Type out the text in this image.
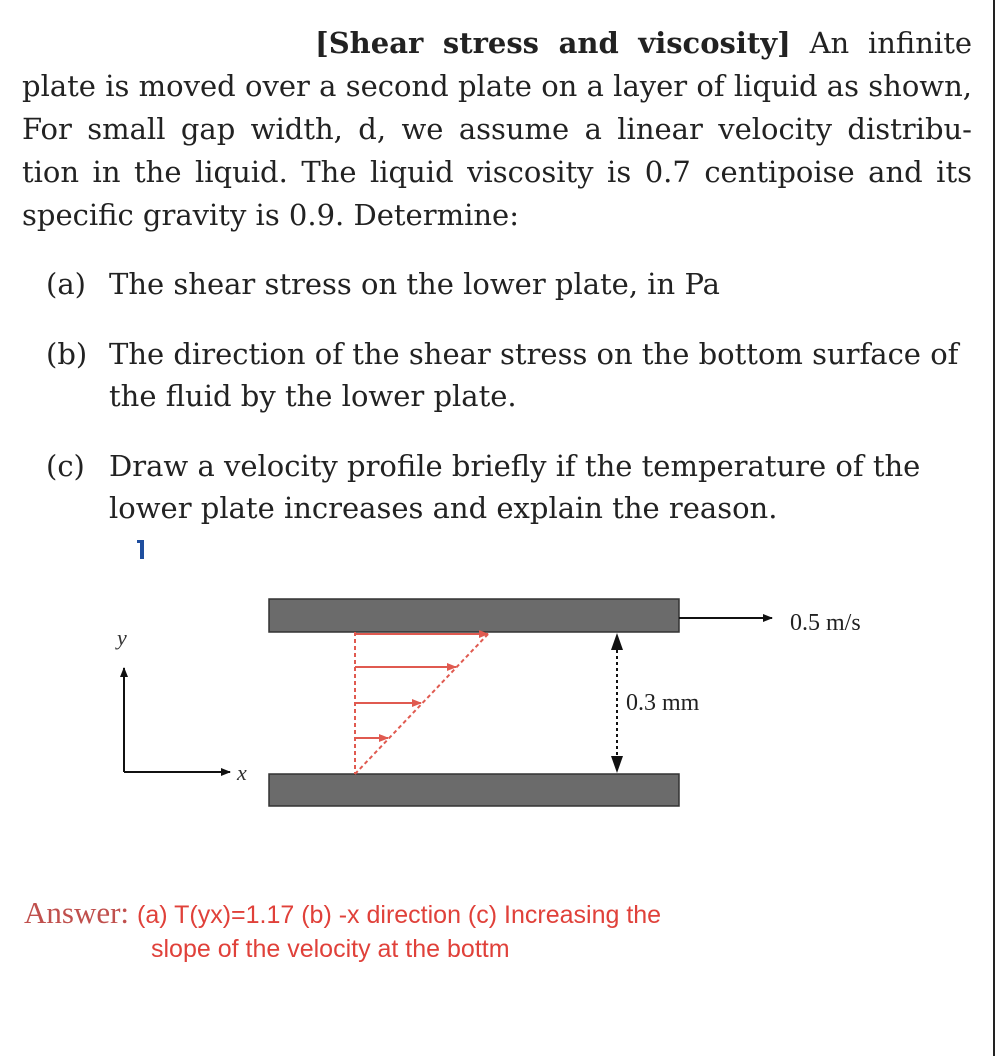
[Shear stress and viscosity] An infinite
plate is moved over a second plate on a layer of liquid as shown,
For small gap width, d, we assume a linear velocity distribu-
tion in the liquid. The liquid viscosity is 0.7 centipoise and its
specific gravity is 0.9. Determine:
(a) The shear stress on the lower plate, in Pa
(b) The direction of the shear stress on the bottom surface of
the fluid by the lower plate.
(c) Draw a velocity profile briefly if the temperature of the
lower plate increases and explain the reason.
y
x
0.5 m/s
0.3 mm
Answer: (a) T(yx)=1.17 (b) -x direction (c) Increasing the
slope of the velocity at the bottm
